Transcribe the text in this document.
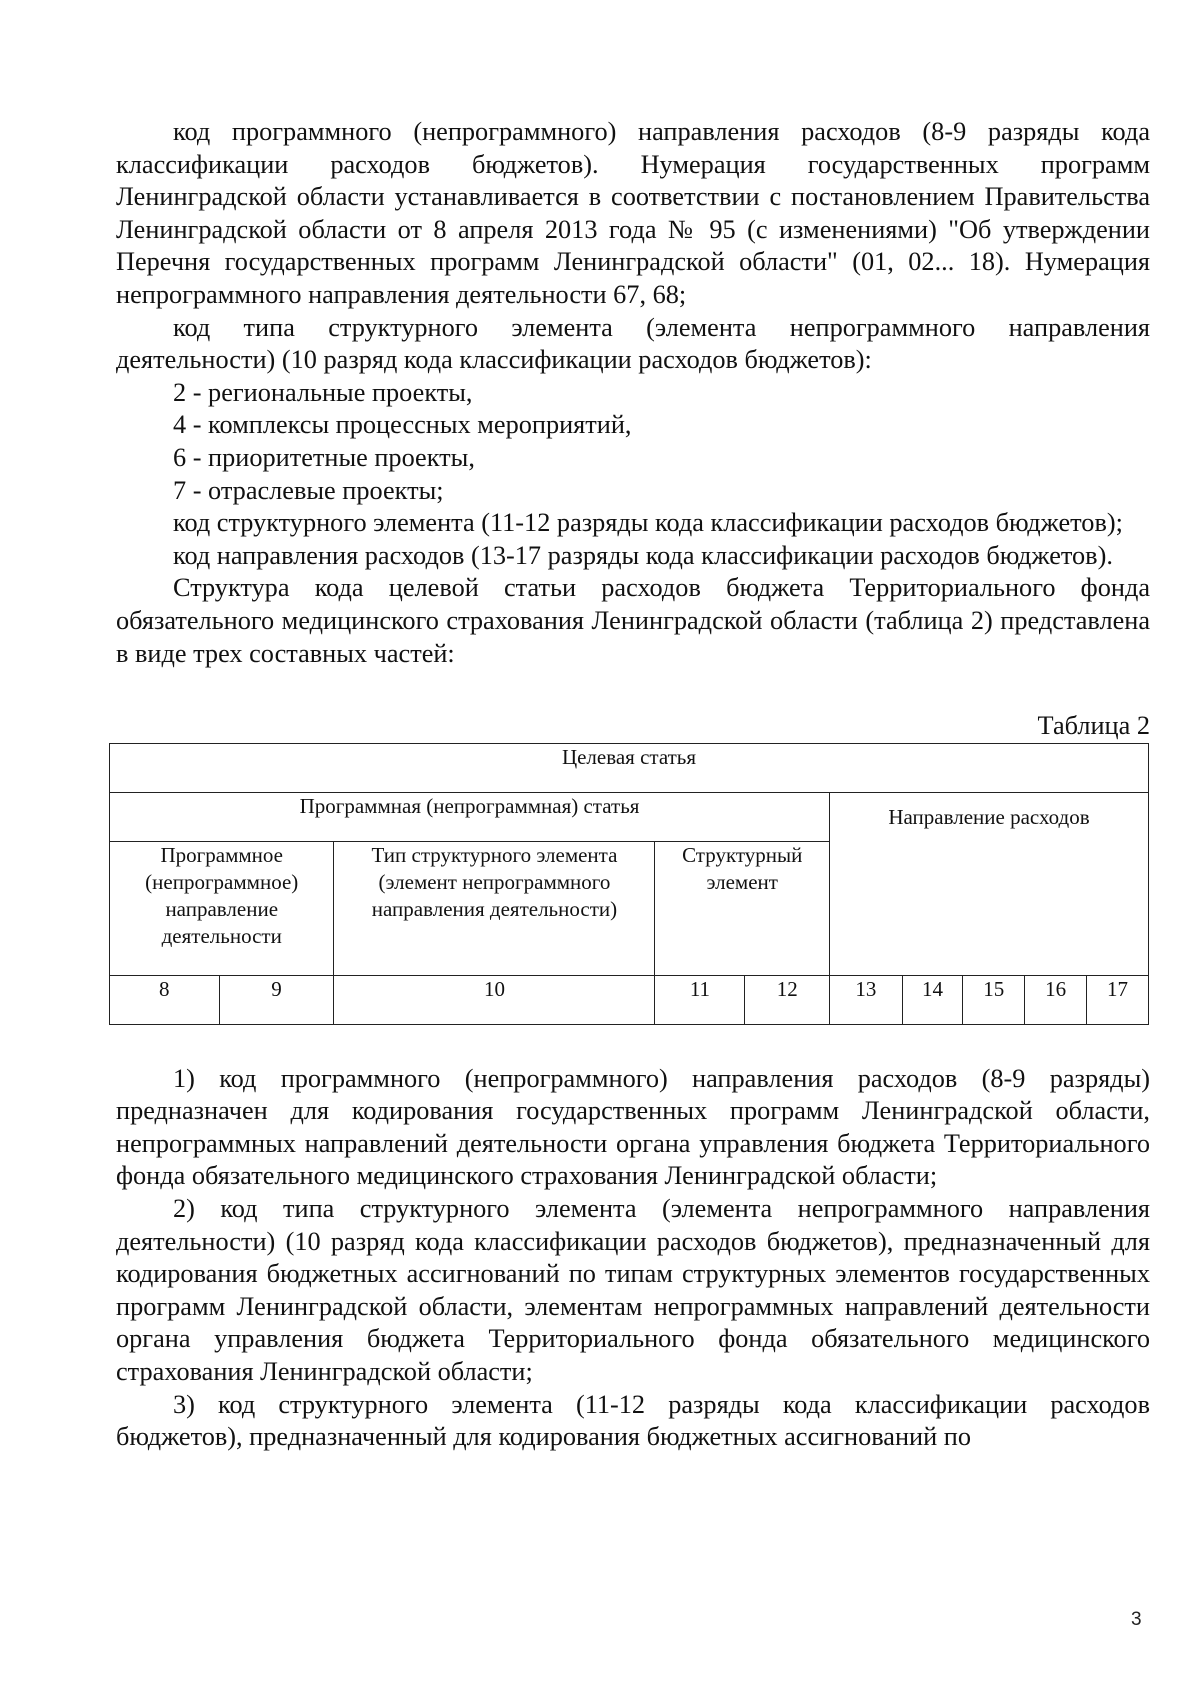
код программного (непрограммного) направления расходов (8-9 разряды кода классификации расходов бюджетов). Нумерация государственных программ Ленинградской области устанавливается в соответствии с постановлением Правительства Ленинградской области от 8 апреля 2013 года № 95 (с изменениями) "Об утверждении Перечня государственных программ Ленинградской области" (01, 02... 18). Нумерация непрограммного направления деятельности 67, 68;

код типа структурного элемента (элемента непрограммного направления деятельности) (10 разряд кода классификации расходов бюджетов):

2 - региональные проекты,

4 - комплексы процессных мероприятий,

6 - приоритетные проекты,

7 - отраслевые проекты;

код структурного элемента (11-12 разряды кода классификации расходов бюджетов);

код направления расходов (13-17 разряды кода классификации расходов бюджетов).

Структура кода целевой статьи расходов бюджета Территориального фонда обязательного медицинского страхования Ленинградской области (таблица 2) представлена в виде трех составных частей:

Таблица 2
Целевая статья									
Программная (непрограммная) статья					Направление расходов				
Программное (непрограммное) направление деятельности		Тип структурного элемента (элемент непрограммного направления деятельности)	Структурный элемент						
8	9	10	11	12	13	14	15	16	17

1) код программного (непрограммного) направления расходов (8-9 разряды) предназначен для кодирования государственных программ Ленинградской области, непрограммных направлений деятельности органа управления бюджета Территориального фонда обязательного медицинского страхования Ленинградской области;

2) код типа структурного элемента (элемента непрограммного направления деятельности) (10 разряд кода классификации расходов бюджетов), предназначенный для кодирования бюджетных ассигнований по типам структурных элементов государственных программ Ленинградской области, элементам непрограммных направлений деятельности органа управления бюджета Территориального фонда обязательного медицинского страхования Ленинградской области;

3) код структурного элемента (11-12 разряды кода классификации расходов бюджетов), предназначенный для кодирования бюджетных ассигнований по

3
